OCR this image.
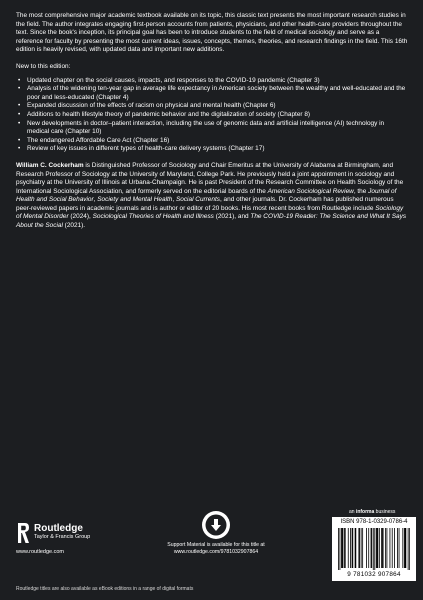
The most comprehensive major academic textbook available on its topic, this classic text presents the most important research studies in the field. The author integrates engaging first-person accounts from patients, physicians, and other health-care providers throughout the text. Since the book's inception, its principal goal has been to introduce students to the field of medical sociology and serve as a reference for faculty by presenting the most current ideas, issues, concepts, themes, theories, and research findings in the field. This 16th edition is heavily revised, with updated data and important new additions.

New to this edition:

• Updated chapter on the social causes, impacts, and responses to the COVID-19 pandemic (Chapter 3)
• Analysis of the widening ten-year gap in average life expectancy in American society between the wealthy and well-educated and the poor and less-educated (Chapter 4)
• Expanded discussion of the effects of racism on physical and mental health (Chapter 6)
• Additions to health lifestyle theory of pandemic behavior and the digitalization of society (Chapter 8)
• New developments in doctor–patient interaction, including the use of genomic data and artificial intelligence (AI) technology in medical care (Chapter 10)
• The endangered Affordable Care Act (Chapter 16)
• Review of key issues in different types of health-care delivery systems (Chapter 17)

William C. Cockerham is Distinguished Professor of Sociology and Chair Emeritus at the University of Alabama at Birmingham, and Research Professor of Sociology at the University of Maryland, College Park. He previously held a joint appointment in sociology and psychiatry at the University of Illinois at Urbana-Champaign. He is past President of the Research Committee on Health Sociology of the International Sociological Association, and formerly served on the editorial boards of the American Sociological Review, the Journal of Health and Social Behavior, Society and Mental Health, Social Currents, and other journals. Dr. Cockerham has published numerous peer-reviewed papers in academic journals and is author or editor of 20 books. His most recent books from Routledge include Sociology of Mental Disorder (2024), Sociological Theories of Health and Illness (2021), and The COVID-19 Reader: The Science and What It Says About the Social (2021).

Routledge
Taylor & Francis Group
www.routledge.com
Support Material is available for this title at
www.routledge.com/9781032907864
an informa business
ISBN 978-1-0329-0786-4
9 781032 907864
Routledge titles are also available as eBook editions in a range of digital formats
